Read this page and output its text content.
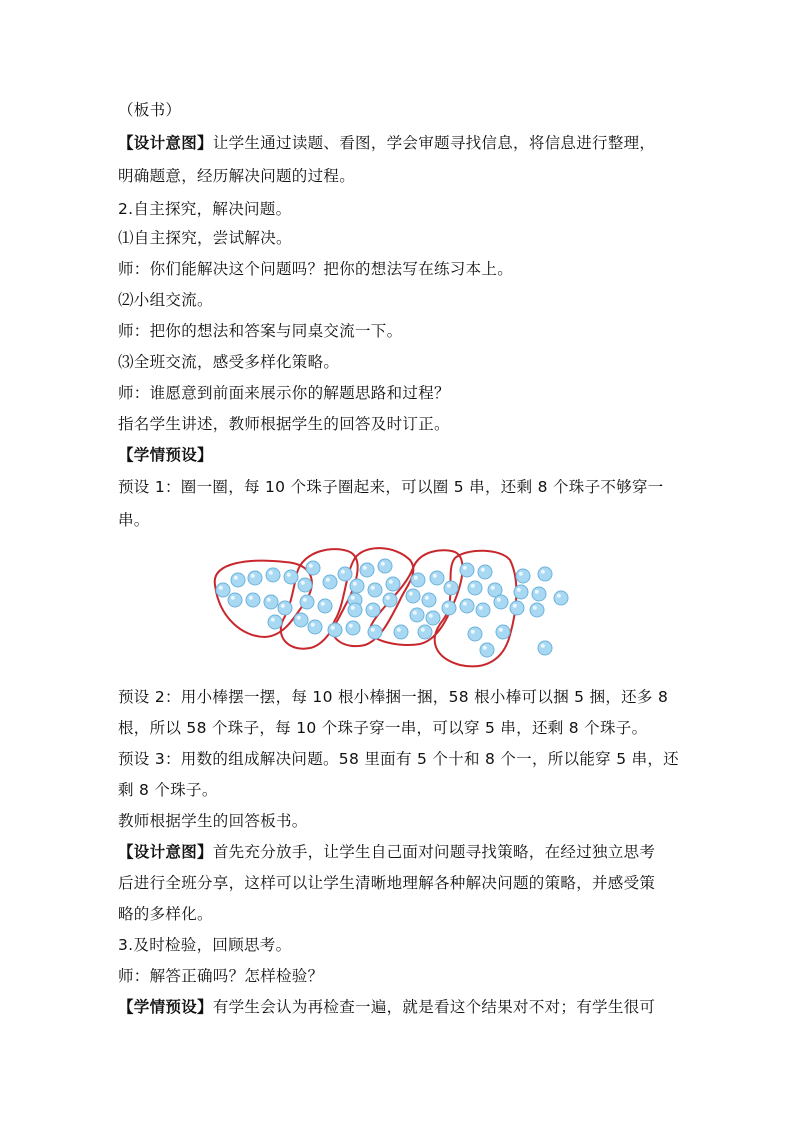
（板书）
【设计意图】让学生通过读题、看图，学会审题寻找信息，将信息进行整理，
明确题意，经历解决问题的过程。
2.自主探究，解决问题。
⑴自主探究，尝试解决。
师：你们能解决这个问题吗？把你的想法写在练习本上。
⑵小组交流。
师：把你的想法和答案与同桌交流一下。
⑶全班交流，感受多样化策略。
师：谁愿意到前面来展示你的解题思路和过程？
指名学生讲述，教师根据学生的回答及时订正。
【学情预设】
预设 1：圈一圈，每 10 个珠子圈起来，可以圈 5 串，还剩 8 个珠子不够穿一
串。
预设 2：用小棒摆一摆，每 10 根小棒捆一捆，58 根小棒可以捆 5 捆，还多 8
根，所以 58 个珠子，每 10 个珠子穿一串，可以穿 5 串，还剩 8 个珠子。
预设 3：用数的组成解决问题。58 里面有 5 个十和 8 个一，所以能穿 5 串，还
剩 8 个珠子。
教师根据学生的回答板书。
【设计意图】首先充分放手，让学生自己面对问题寻找策略，在经过独立思考
后进行全班分享，这样可以让学生清晰地理解各种解决问题的策略，并感受策
略的多样化。
3.及时检验，回顾思考。
师：解答正确吗？怎样检验？
【学情预设】有学生会认为再检查一遍，就是看这个结果对不对；有学生很可
